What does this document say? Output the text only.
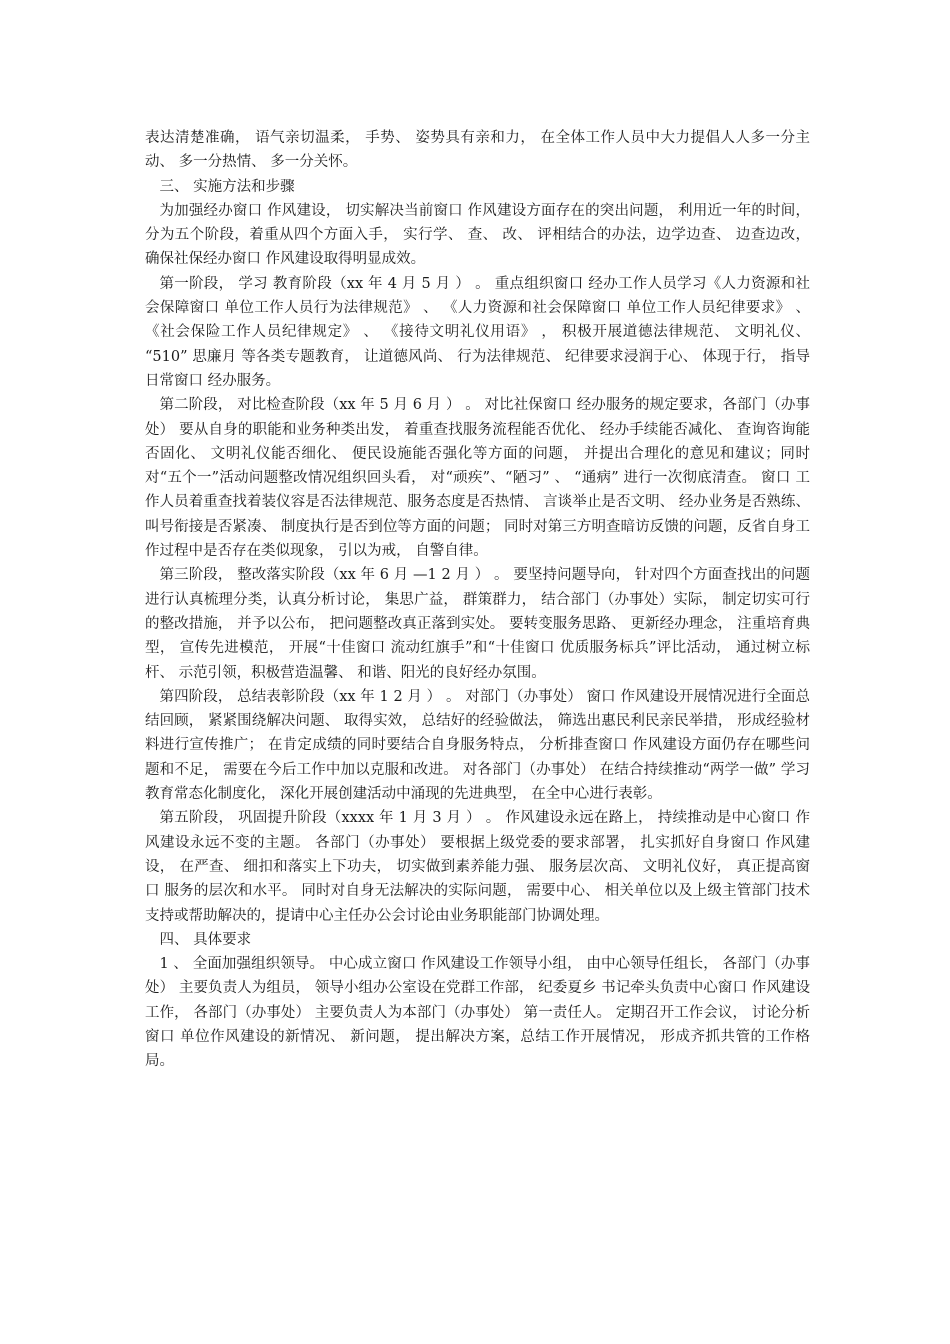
表达清楚准确， 语气亲切温柔， 手势、 姿势具有亲和力， 在全体工作人员中大力提倡人人多一分主动、 多一分热情、 多一分关怀。

三、 实施方法和步骤

为加强经办窗口 作风建设， 切实解决当前窗口 作风建设方面存在的突出问题， 利用近一年的时间， 分为五个阶段，着重从四个方面入手， 实行学、 查、 改、 评相结合的办法，边学边查、 边查边改， 确保社保经办窗口 作风建设取得明显成效。

第一阶段， 学习 教育阶段（xx 年 4 月 5 月 ） 。 重点组织窗口 经办工作人员学习《人力资源和社会保障窗口 单位工作人员行为法律规范》 、 《人力资源和社会保障窗口 单位工作人员纪律要求》 、 《社会保险工作人员纪律规定》 、 《接待文明礼仪用语》 ， 积极开展道德法律规范、 文明礼仪、 “510” 思廉月 等各类专题教育， 让道德风尚、 行为法律规范、 纪律要求浸润于心、 体现于行， 指导日常窗口 经办服务。

第二阶段， 对比检查阶段（xx 年 5 月 6 月 ） 。 对比社保窗口 经办服务的规定要求，各部门（办事处） 要从自身的职能和业务种类出发， 着重查找服务流程能否优化、 经办手续能否减化、 查询咨询能否固化、 文明礼仪能否细化、 便民设施能否强化等方面的问题， 并提出合理化的意见和建议；同时对“五个一”活动问题整改情况组织回头看， 对“顽疾”、“陋习” 、 “通病” 进行一次彻底清查。 窗口 工作人员着重查找着装仪容是否法律规范、服务态度是否热情、 言谈举止是否文明、 经办业务是否熟练、 叫号衔接是否紧凑、 制度执行是否到位等方面的问题； 同时对第三方明查暗访反馈的问题，反省自身工作过程中是否存在类似现象， 引以为戒， 自警自律。

第三阶段， 整改落实阶段（xx 年 6 月 —1 2 月 ） 。 要坚持问题导向， 针对四个方面查找出的问题进行认真梳理分类，认真分析讨论， 集思广益， 群策群力， 结合部门（办事处）实际， 制定切实可行的整改措施， 并予以公布， 把问题整改真正落到实处。 要转变服务思路、 更新经办理念， 注重培育典型， 宣传先进模范， 开展“十佳窗口 流动红旗手”和“十佳窗口 优质服务标兵”评比活动， 通过树立标杆、 示范引领，积极营造温馨、 和谐、阳光的良好经办氛围。

第四阶段， 总结表彰阶段（xx 年 1 2 月 ） 。 对部门（办事处） 窗口 作风建设开展情况进行全面总结回顾， 紧紧围绕解决问题、 取得实效， 总结好的经验做法， 筛选出惠民利民亲民举措， 形成经验材料进行宣传推广； 在肯定成绩的同时要结合自身服务特点， 分析排查窗口 作风建设方面仍存在哪些问题和不足， 需要在今后工作中加以克服和改进。 对各部门（办事处） 在结合持续推动“两学一做” 学习教育常态化制度化， 深化开展创建活动中涌现的先进典型， 在全中心进行表彰。

第五阶段， 巩固提升阶段（xxxx 年 1 月 3 月 ） 。 作风建设永远在路上， 持续推动是中心窗口 作风建设永远不变的主题。 各部门（办事处） 要根据上级党委的要求部署， 扎实抓好自身窗口 作风建设， 在严查、 细扣和落实上下功夫， 切实做到素养能力强、 服务层次高、 文明礼仪好， 真正提高窗口 服务的层次和水平。 同时对自身无法解决的实际问题， 需要中心、 相关单位以及上级主管部门技术支持或帮助解决的，提请中心主任办公会讨论由业务职能部门协调处理。

四、 具体要求

1 、 全面加强组织领导。 中心成立窗口 作风建设工作领导小组， 由中心领导任组长， 各部门（办事处） 主要负责人为组员， 领导小组办公室设在党群工作部， 纪委夏乡 书记牵头负责中心窗口 作风建设工作， 各部门（办事处） 主要负责人为本部门（办事处） 第一责任人。 定期召开工作会议， 讨论分析窗口 单位作风建设的新情况、 新问题， 提出解决方案，总结工作开展情况， 形成齐抓共管的工作格局。
